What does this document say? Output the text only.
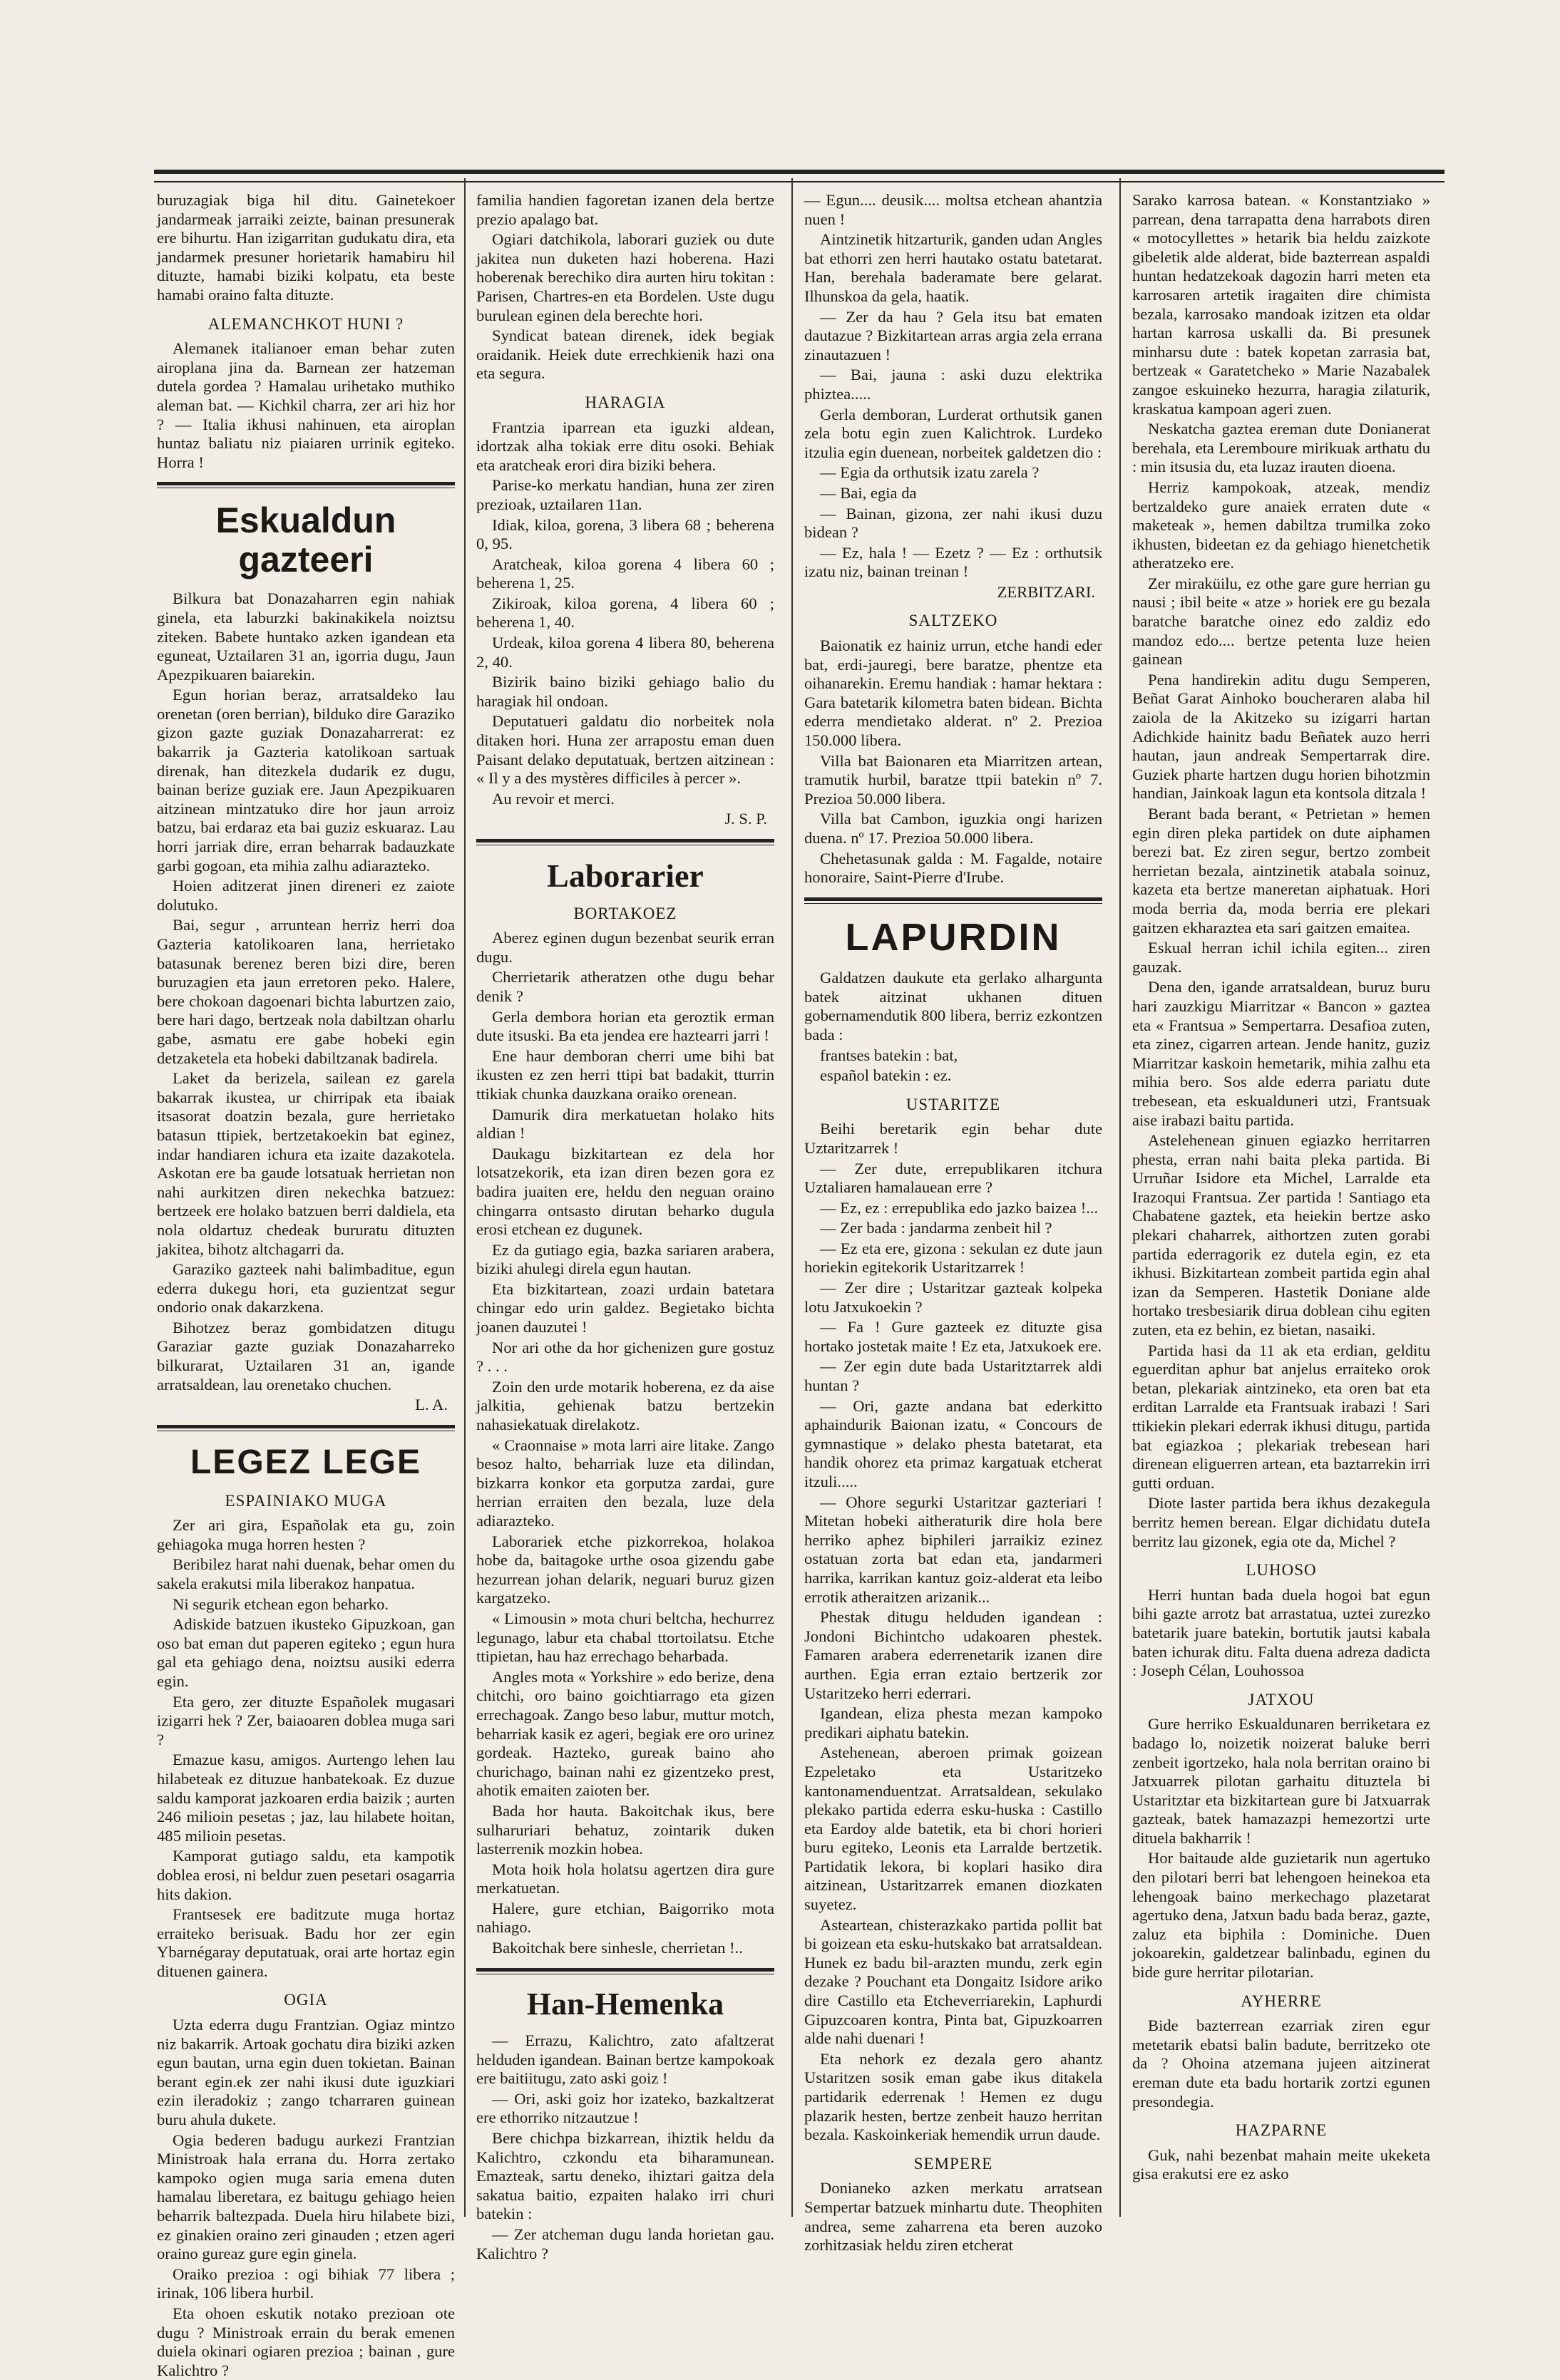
buruzagiak biga hil ditu. Gainetekoer jandarmeak jarraiki zeizte, bainan presunerak ere bihurtu. Han izigarritan gudukatu dira, eta jandarmek presuner horietarik hamabiru hil dituzte, hamabi biziki kolpatu, eta beste hamabi oraino falta dituzte.

ALEMANCHKOT HUNI ?

Alemanek italianoer eman behar zuten airoplana jina da. Barnean zer hatzeman dutela gordea ? Hamalau urihetako muthiko aleman bat. — Kichkil charra, zer ari hiz hor ? — Italia ikhusi nahinuen, eta airoplan huntaz baliatu niz piaiaren urrinik egiteko. Horra !

Eskualdun gazteeri

Bilkura bat Donazaharren egin nahiak ginela, eta laburzki bakinakikela noiztsu ziteken. Babete huntako azken igandean eta eguneat, Uztailaren 31 an, igorria dugu, Jaun Apezpikuaren baiarekin.

Egun horian beraz, arratsaldeko lau orenetan (oren berrian), bilduko dire Garaziko gizon gazte guziak Donazaharrerat: ez bakarrik ja Gazteria katolikoan sartuak direnak, han ditezkela dudarik ez dugu, bainan berize guziak ere. Jaun Apezpikuaren aitzinean mintzatuko dire hor jaun arroiz batzu, bai erdaraz eta bai guziz eskuaraz. Lau horri jarriak dire, erran beharrak badauzkate garbi gogoan, eta mihia zalhu adiarazteko.

Hoien aditzerat jinen direneri ez zaiote dolutuko.

Bai, segur , arruntean herriz herri doa Gazteria katolikoaren lana, herrietako batasunak berenez beren bizi dire, beren buruzagien eta jaun erretoren peko. Halere, bere chokoan dagoenari bichta laburtzen zaio, bere hari dago, bertzeak nola dabiltzan oharlu gabe, asmatu ere gabe hobeki egin detzaketela eta hobeki dabiltzanak badirela.

Laket da berizela, sailean ez garela bakarrak ikustea, ur chirripak eta ibaiak itsasorat doatzin bezala, gure herrietako batasun ttipiek, bertzetakoekin bat eginez, indar handiaren ichura eta izaite dazakotela. Askotan ere ba gaude lotsatuak herrietan non nahi aurkitzen diren nekechka batzuez: bertzeek ere holako batzuen berri daldiela, eta nola oldartuz chedeak bururatu dituzten jakitea, bihotz altchagarri da.

Garaziko gazteek nahi balimbaditue, egun ederra dukegu hori, eta guzientzat segur ondorio onak dakarzkena.

Bihotzez beraz gombidatzen ditugu Garaziar gazte guziak Donazaharreko bilkurarat, Uztailaren 31 an, igande arratsaldean, lau orenetako chuchen.

L. A.

LEGEZ LEGE
ESPAINIAKO MUGA

Zer ari gira, Españolak eta gu, zoin gehiagoka muga horren hesten ?

Beribilez harat nahi duenak, behar omen du sakela erakutsi mila liberakoz hanpatua.

Ni segurik etchean egon beharko.

Adiskide batzuen ikusteko Gipuzkoan, gan oso bat eman dut paperen egiteko ; egun hura gal eta gehiago dena, noiztsu ausiki ederra egin.

Eta gero, zer dituzte Españolek mugasari izigarri hek ? Zer, baiaoaren doblea muga sari ?

Emazue kasu, amigos. Aurtengo lehen lau hilabeteak ez dituzue hanbatekoak. Ez duzue saldu kamporat jazkoaren erdia baizik ; aurten 246 milioin pesetas ; jaz, lau hilabete hoitan, 485 milioin pesetas.

Kamporat gutiago saldu, eta kampotik doblea erosi, ni beldur zuen pesetari osagarria hits dakion.

Frantsesek ere baditzute muga hortaz erraiteko berisuak. Badu hor zer egin Ybarnégaray deputatuak, orai arte hortaz egin dituenen gainera.

OGIA

Uzta ederra dugu Frantzian. Ogiaz mintzo niz bakarrik. Artoak gochatu dira biziki azken egun bautan, urna egin duen tokietan. Bainan berant egin.ek zer nahi ikusi dute iguzkiari ezin ileradokiz ; zango tcharraren guinean buru ahula dukete.

Ogia bederen badugu aurkezi Frantzian Ministroak hala errana du. Horra zertako kampoko ogien muga saria emena duten hamalau liberetara, ez baitugu gehiago heien beharrik baltezpada. Duela hiru hilabete bizi, ez ginakien oraino zeri ginauden ; etzen ageri oraino gureaz gure egin ginela.

Oraiko prezioa : ogi bihiak 77 libera ; irinak, 106 libera hurbil.

Eta ohoen eskutik notako prezioan ote dugu ? Ministroak errain du berak emenen duiela okinari ogiaren prezioa ; bainan , gure Kalichtro ?

familia handien fagoretan izanen dela bertze prezio apalago bat.

Ogiari datchikola, laborari guziek ou dute jakitea nun duketen hazi hoberena. Hazi hoberenak berechiko dira aurten hiru tokitan : Parisen, Chartres-en eta Bordelen. Uste dugu burulean eginen dela berechte hori.

Syndicat batean direnek, idek begiak oraidanik. Heiek dute errechkienik hazi ona eta segura.

HARAGIA

Frantzia iparrean eta iguzki aldean, idortzak alha tokiak erre ditu osoki. Behiak eta aratcheak erori dira biziki behera.

Parise-ko merkatu handian, huna zer ziren prezioak, uztailaren 11an.

Idiak, kiloa, gorena, 3 libera 68 ; beherena 0, 95.

Aratcheak, kiloa gorena 4 libera 60 ; beherena 1, 25.

Zikiroak, kiloa gorena, 4 libera 60 ; beherena 1, 40.

Urdeak, kiloa gorena 4 libera 80, beherena 2, 40.

Bizirik baino biziki gehiago balio du haragiak hil ondoan.

Deputatueri galdatu dio norbeitek nola ditaken hori. Huna zer arrapostu eman duen Paisant delako deputatuak, bertzen aitzinean : « Il y a des mystères difficiles à percer ».

Au revoir et merci.

J. S. P.

Laborarier
BORTAKOEZ

Aberez eginen dugun bezenbat seurik erran dugu.

Cherrietarik atheratzen othe dugu behar denik ?

Gerla dembora horian eta geroztik erman dute itsuski. Ba eta jendea ere haztearri jarri !

Ene haur demboran cherri ume bihi bat ikusten ez zen herri ttipi bat badakit, tturrin ttikiak chunka dauzkana oraiko orenean.

Damurik dira merkatuetan holako hits aldian !

Daukagu bizkitartean ez dela hor lotsatzekorik, eta izan diren bezen gora ez badira juaiten ere, heldu den neguan oraino chingarra ontsasto dirutan beharko dugula erosi etchean ez dugunek.

Ez da gutiago egia, bazka sariaren arabera, biziki ahulegi direla egun hautan.

Eta bizkitartean, zoazi urdain batetara chingar edo urin galdez. Begietako bichta joanen dauzutei !

Nor ari othe da hor gichenizen gure gostuz ? . . .

Zoin den urde motarik hoberena, ez da aise jalkitia, gehienak batzu bertzekin nahasiekatuak direlakotz.

« Craonnaise » mota larri aire litake. Zango besoz halto, beharriak luze eta dilindan, bizkarra konkor eta gorputza zardai, gure herrian erraiten den bezala, luze dela adiarazteko.

Laborariek etche pizkorrekoa, holakoa hobe da, baitagoke urthe osoa gizendu gabe hezurrean johan delarik, neguari buruz gizen kargatzeko.

« Limousin » mota churi beltcha, hechurrez legunago, labur eta chabal ttortoilatsu. Etche ttipietan, hau haz errechago beharbada.

Angles mota « Yorkshire » edo berize, dena chitchi, oro baino goichtiarrago eta gizen errechagoak. Zango beso labur, muttur motch, beharriak kasik ez ageri, begiak ere oro urinez gordeak. Hazteko, gureak baino aho churichago, bainan nahi ez gizentzeko prest, ahotik emaiten zaioten ber.

Bada hor hauta. Bakoitchak ikus, bere sulharuriari behatuz, zointarik duken lasterrenik mozkin hobea.

Mota hoik hola holatsu agertzen dira gure merkatuetan.

Halere, gure etchian, Baigorriko mota nahiago.

Bakoitchak bere sinhesle, cherrietan !..

Han-Hemenka

— Errazu, Kalichtro, zato afaltzerat helduden igandean. Bainan bertze kampokoak ere baitiitugu, zato aski goiz !

— Ori, aski goiz hor izateko, bazkaltzerat ere ethorriko nitzautzue !

Bere chichpa bizkarrean, ihiztik heldu da Kalichtro, czkondu eta biharamunean. Emazteak, sartu deneko, ihiztari gaitza dela sakatua baitio, ezpaiten halako irri churi batekin :

— Zer atcheman dugu landa horietan gau. Kalichtro ?

— Egun.... deusik.... moltsa etchean ahantzia nuen !

Aintzinetik hitzarturik, ganden udan Angles bat ethorri zen herri hautako ostatu batetarat. Han, berehala baderamate bere gelarat. Ilhunskoa da gela, haatik.

— Zer da hau ? Gela itsu bat ematen dautazue ? Bizkitartean arras argia zela errana zinautazuen !

— Bai, jauna : aski duzu elektrika phiztea.....

Gerla demboran, Lurderat orthutsik ganen zela botu egin zuen Kalichtrok. Lurdeko itzulia egin duenean, norbeitek galdetzen dio :

— Egia da orthutsik izatu zarela ?

— Bai, egia da

— Bainan, gizona, zer nahi ikusi duzu bidean ?

— Ez, hala ! — Ezetz ? — Ez : orthutsik izatu niz, bainan treinan !

ZERBITZARI.

SALTZEKO

Baionatik ez hainiz urrun, etche handi eder bat, erdi-jauregi, bere baratze, phentze eta oihanarekin. Eremu handiak : hamar hektara : Gara batetarik kilometra baten bidean. Bichta ederra mendietako alderat. nº 2. Prezioa 150.000 libera.

Villa bat Baionaren eta Miarritzen artean, tramutik hurbil, baratze ttpii batekin nº 7. Prezioa 50.000 libera.

Villa bat Cambon, iguzkia ongi harizen duena. nº 17. Prezioa 50.000 libera.

Chehetasunak galda : M. Fagalde, notaire honoraire, Saint-Pierre d'Irube.

LAPURDIN

Galdatzen daukute eta gerlako alhargunta batek aitzinat ukhanen dituen gobernamendutik 800 libera, berriz ezkontzen bada :

frantses batekin : bat,

español batekin : ez.

USTARITZE

Beihi beretarik egin behar dute Uztaritzarrek !

— Zer dute, errepublikaren itchura Uztaliaren hamalauean erre ?

— Ez, ez : errepublika edo jazko baizea !...

— Zer bada : jandarma zenbeit hil ?

— Ez eta ere, gizona : sekulan ez dute jaun horiekin egitekorik Ustaritzarrek !

— Zer dire ; Ustaritzar gazteak kolpeka lotu Jatxukoekin ?

— Fa ! Gure gazteek ez dituzte gisa hortako jostetak maite ! Ez eta, Jatxukoek ere.

— Zer egin dute bada Ustaritztarrek aldi huntan ?

— Ori, gazte andana bat ederkitto aphaindurik Baionan izatu, « Concours de gymnastique » delako phesta batetarat, eta handik ohorez eta primaz kargatuak etcherat itzuli.....

— Ohore segurki Ustaritzar gazteriari ! Mitetan hobeki aitheraturik dire hola bere herriko aphez biphileri jarraikiz ezinez ostatuan zorta bat edan eta, jandarmeri harrika, karrikan kantuz goiz-alderat eta leibo errotik atheraitzen arizanik...

Phestak ditugu helduden igandean : Jondoni Bichintcho udakoaren phestek. Famaren arabera ederrenetarik izanen dire aurthen. Egia erran eztaio bertzerik zor Ustaritzeko herri ederrari.

Igandean, eliza phesta mezan kampoko predikari aiphatu batekin.

Astehenean, aberoen primak goizean Ezpeletako eta Ustaritzeko kantonamenduentzat. Arratsaldean, sekulako plekako partida ederra esku-huska : Castillo eta Eardoy alde batetik, eta bi chori horieri buru egiteko, Leonis eta Larralde bertzetik. Partidatik lekora, bi koplari hasiko dira aitzinean, Ustaritzarrek emanen diozkaten suyetez.

Asteartean, chisterazkako partida pollit bat bi goizean eta esku-hutskako bat arratsaldean. Hunek ez badu bil-arazten mundu, zerk egin dezake ? Pouchant eta Dongaitz Isidore ariko dire Castillo eta Etcheverriarekin, Laphurdi Gipuzcoaren kontra, Pinta bat, Gipuzkoarren alde nahi duenari !

Eta nehork ez dezala gero ahantz Ustaritzen sosik eman gabe ikus ditakela partidarik ederrenak ! Hemen ez dugu plazarik hesten, bertze zenbeit hauzo herritan bezala. Kaskoinkeriak hemendik urrun daude.

SEMPERE

Donianeko azken merkatu arratsean Sempertar batzuek minhartu dute. Theophiten andrea, seme zaharrena eta beren auzoko zorhitzasiak heldu ziren etcherat

Sarako karrosa batean. « Konstantziako » parrean, dena tarrapatta dena harrabots diren « motocyllettes » hetarik bia heldu zaizkote gibeletik alde alderat, bide bazterrean aspaldi huntan hedatzekoak dagozin harri meten eta karrosaren artetik iragaiten dire chimista bezala, karrosako mandoak izitzen eta oldar hartan karrosa uskalli da. Bi presunek minharsu dute : batek kopetan zarrasia bat, bertzeak « Garatetcheko » Marie Nazabalek zangoe eskuineko hezurra, haragia zilaturik, kraskatua kampoan ageri zuen.

Neskatcha gaztea ereman dute Donianerat berehala, eta Lerembourе mirikuak arthatu du : min itsusia du, eta luzaz irauten dioena.

Herriz kampokoak, atzeak, mendiz bertzaldeko gure anaiek erraten dute « maketeak », hemen dabiltza trumilka zoko ikhusten, bideetan ez da gehiago hienetchetik atheratzeko ere.

Zer miraküilu, ez othe gare gure herrian gu nausi ; ibil beite « atze » horiek ere gu bezala baratche baratche oinez edo zaldiz edo mandoz edo.... bertze petenta luze heien gainean

Pena handirekin aditu dugu Semperen, Beñat Garat Ainhoko boucheraren alaba hil zaiola de la Akitzeko su izigarri hartan Adichkide hainitz badu Beñatek auzo herri hautan, jaun andreak Sempertarrak dire. Guziek pharte hartzen dugu horien bihotzmin handian, Jainkoak lagun eta kontsola ditzala !

Berant bada berant, « Petrietan » hemen egin diren pleka partidek on dute aiphamen berezi bat. Ez ziren segur, bertzo zombeit herrietan bezala, aintzinetik atabala soinuz, kazeta eta bertze maneretan aiphatuak. Hori moda berria da, moda berria ere plekari gaitzen ekharaztea eta sari gaitzen emaitea.

Eskual herran ichil ichila egiten... ziren gauzak.

Dena den, igande arratsaldean, buruz buru hari zauzkigu Miarritzar « Bancon » gaztea eta « Frantsua » Sempertarra. Desafioa zuten, eta zinez, cigarren artean. Jende hanitz, guziz Miarritzar kaskoin hemetarik, mihia zalhu eta mihia bero. Sos alde ederra pariatu dute trebesean, eta eskualduneri utzi, Frantsuak aise irabazi baitu partida.

Astelehenean ginuen egiazko herritarren phesta, erran nahi baita pleka partida. Bi Urruñar Isidore eta Michel, Larralde eta Irazoqui Frantsua. Zer partida ! Santiago eta Chabatene gaztek, eta heiekin bertze asko plekari chaharrek, aithortzen zuten gorabi partida ederragorik ez dutela egin, ez eta ikhusi. Bizkitartean zombeit partida egin ahal izan da Semperen. Hastetik Doniane alde hortako tresbesiarik dirua doblean cihu egiten zuten, eta ez behin, ez bietan, nasaiki.

Partida hasi da 11 ak eta erdian, gelditu eguerditan aphur bat anjelus erraiteko orok betan, plekariak aintzineko, eta oren bat eta erditan Larralde eta Frantsuak irabazi ! Sari ttikiekin plekari ederrak ikhusi ditugu, partida bat egiazkoa ; plekariak trebesean hari direnean eliguerren artean, eta baztarrekin irri gutti orduan.

Diote laster partida bera ikhus dezakegula berritz hemen berean. Elgar dichidatu duteIa berritz lau gizonek, egia ote da, Michel ?

LUHOSO

Herri huntan bada duela hogoi bat egun bihi gazte arrotz bat arrastatua, uztei zurezko batetarik juare batekin, bortutik jautsi kabala baten ichurak ditu. Falta duena adreza dadicta : Joseph Célan, Louhossoa

JATXOU

Gure herriko Eskualdunaren berriketara ez badago lo, noizetik noizerat baluke berri zenbeit igortzeko, hala nola berritan oraino bi Jatxuarrek pilotan garhaitu dituztela bi Ustaritztar eta bizkitartean gure bi Jatxuarrak gazteak, batek hamazazpi hemezortzi urte dituela bakharrik !

Hor baitaude alde guzietarik nun agertuko den pilotari berri bat lehengoen heinekoa eta lehengoak baino merkechago plazetarat agertuko dena, Jatxun badu bada beraz, gazte, zaluz eta biphila : Dominiche. Duen jokoarekin, galdetzear balinbadu, eginen du bide gure herritar pilotarian.

AYHERRE

Bide bazterrean ezarriak ziren egur metetarik ebatsi balin badute, berritzeko ote da ? Ohoina atzemana jujeen aitzinerat ereman dute eta badu hortarik zortzi egunen presondegia.

HAZPARNE

Guk, nahi bezenbat mahain meite ukeketa gisa erakutsi ere ez asko
